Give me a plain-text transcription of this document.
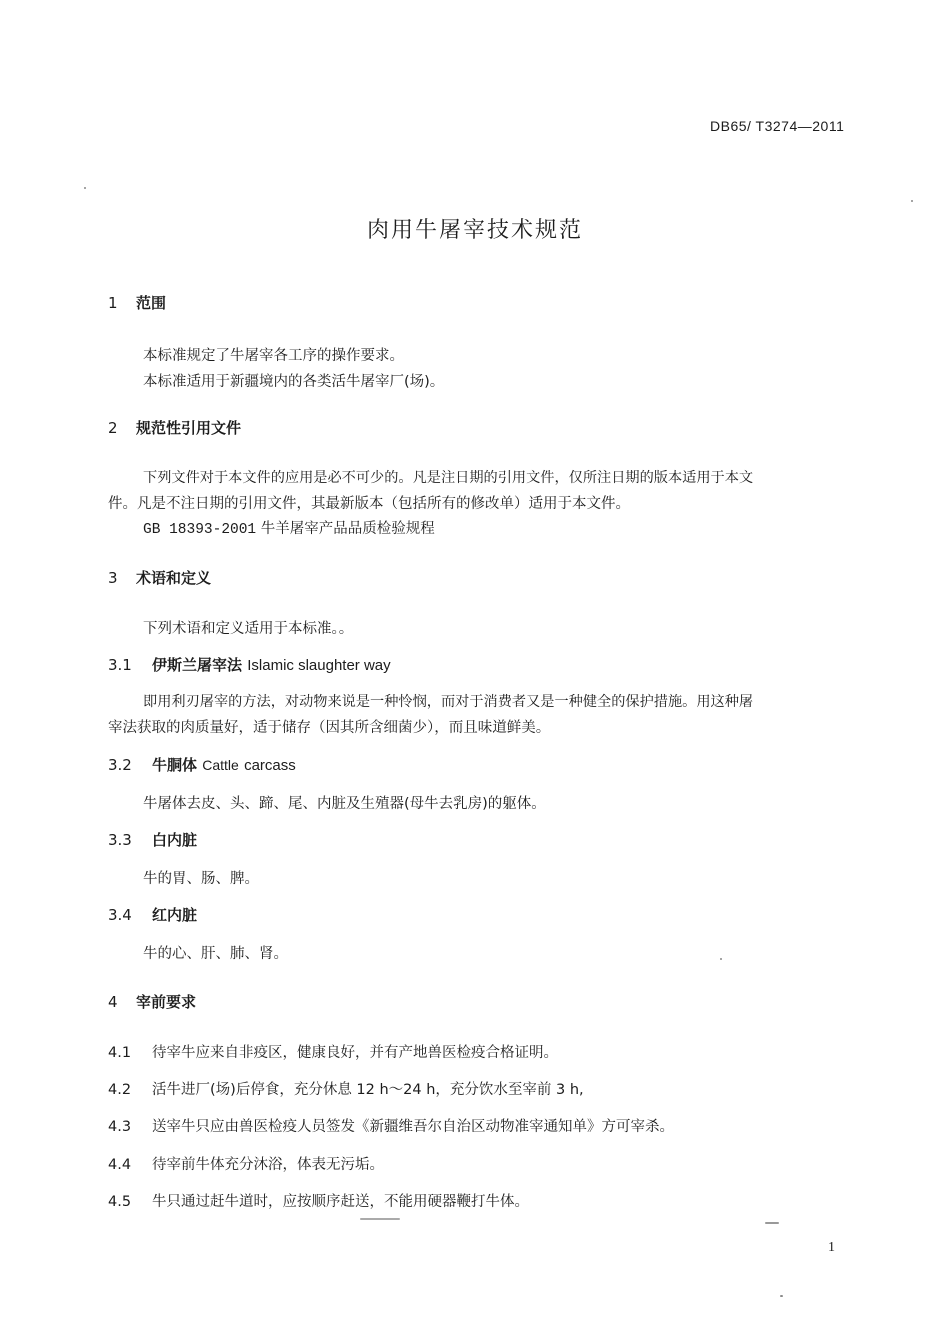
DB65/ T3274—2011
肉用牛屠宰技术规范
1 范围
本标准规定了牛屠宰各工序的操作要求。
本标准适用于新疆境内的各类活牛屠宰厂(场)。
2 规范性引用文件
下列文件对于本文件的应用是必不可少的。凡是注日期的引用文件，仅所注日期的版本适用于本文
件。凡是不注日期的引用文件，其最新版本（包括所有的修改单）适用于本文件。
GB 18393-2001 牛羊屠宰产品品质检验规程
3 术语和定义
下列术语和定义适用于本标准。。
3.1 伊斯兰屠宰法 Islamic slaughter way
即用利刃屠宰的方法，对动物来说是一种怜悯，而对于消费者又是一种健全的保护措施。用这种屠
宰法获取的肉质量好，适于储存（因其所含细菌少），而且味道鲜美。
3.2 牛胴体 Cattle carcass
牛屠体去皮、头、蹄、尾、内脏及生殖器(母牛去乳房)的躯体。
3.3 白内脏
牛的胃、肠、脾。
3.4 红内脏
牛的心、肝、肺、肾。
4 宰前要求
4.1 待宰牛应来自非疫区，健康良好，并有产地兽医检疫合格证明。
4.2 活牛进厂(场)后停食，充分休息 12 h～24 h，充分饮水至宰前 3 h,
4.3 送宰牛只应由兽医检疫人员签发《新疆维吾尔自治区动物准宰通知单》方可宰杀。
4.4 待宰前牛体充分沐浴，体表无污垢。
4.5 牛只通过赶牛道时，应按顺序赶送，不能用硬器鞭打牛体。
1
